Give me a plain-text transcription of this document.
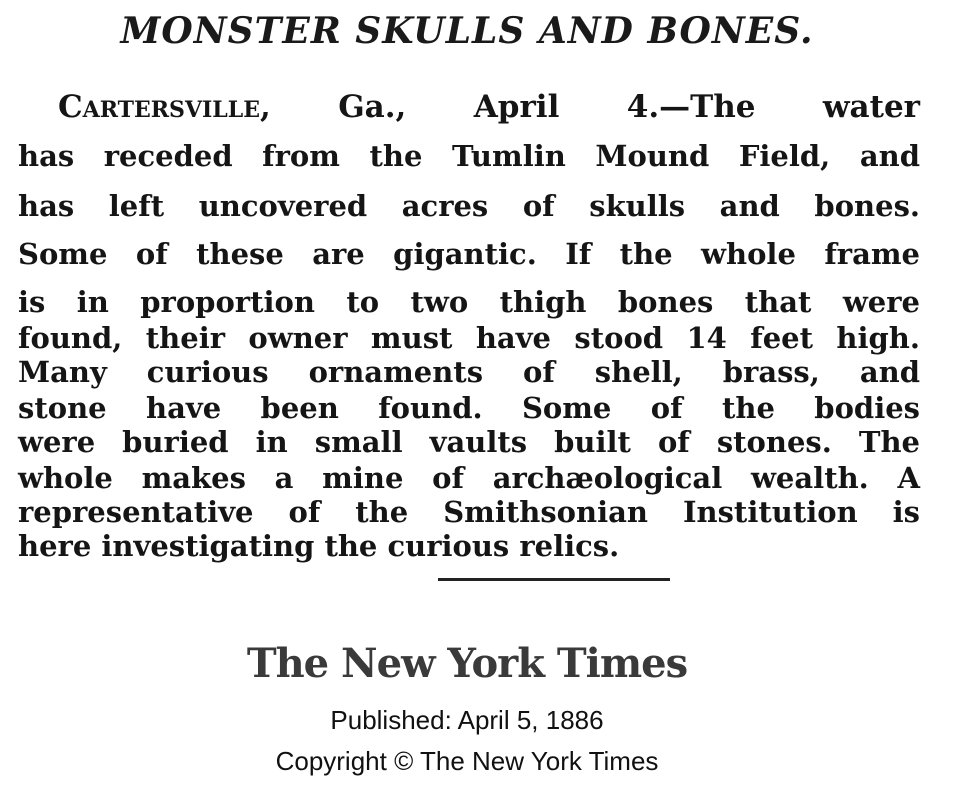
MONSTER SKULLS AND BONES.
Cartersville, Ga., April 4.—The water
has receded from the Tumlin Mound Field, and
has left uncovered acres of skulls and bones.
Some of these are gigantic. If the whole frame
is in proportion to two thigh bones that were
found, their owner must have stood 14 feet high.
Many curious ornaments of shell, brass, and
stone have been found. Some of the bodies
were buried in small vaults built of stones. The
whole makes a mine of archæological wealth. A
representative of the Smithsonian Institution is
here investigating the curious relics.
The New York Times
Published: April 5, 1886
Copyright © The New York Times
